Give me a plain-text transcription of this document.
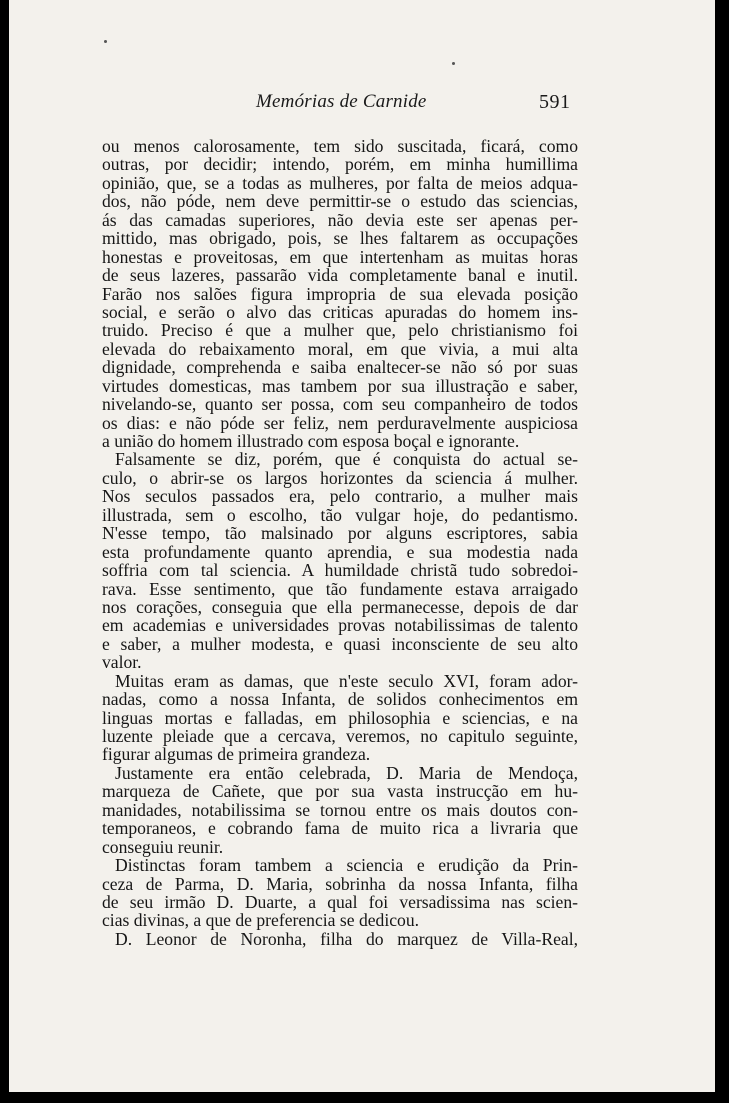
Memórias de Carnide	591
ou menos calorosamente, tem sido suscitada, ficará, como
outras, por decidir; intendo, porém, em minha humillima
opinião, que, se a todas as mulheres, por falta de meios adqua-
dos, não póde, nem deve permittir-se o estudo das sciencias,
ás das camadas superiores, não devia este ser apenas per-
mittido, mas obrigado, pois, se lhes faltarem as occupações
honestas e proveitosas, em que intertenham as muitas horas
de seus lazeres, passarão vida completamente banal e inutil.
Farão nos salões figura impropria de sua elevada posição
social, e serão o alvo das criticas apuradas do homem ins-
truido. Preciso é que a mulher que, pelo christianismo foi
elevada do rebaixamento moral, em que vivia, a mui alta
dignidade, comprehenda e saiba enaltecer-se não só por suas
virtudes domesticas, mas tambem por sua illustração e saber,
nivelando-se, quanto ser possa, com seu companheiro de todos
os dias: e não póde ser feliz, nem perduravelmente auspiciosa
a união do homem illustrado com esposa boçal e ignorante.
Falsamente se diz, porém, que é conquista do actual se-
culo, o abrir-se os largos horizontes da sciencia á mulher.
Nos seculos passados era, pelo contrario, a mulher mais
illustrada, sem o escolho, tão vulgar hoje, do pedantismo.
N'esse tempo, tão malsinado por alguns escriptores, sabia
esta profundamente quanto aprendia, e sua modestia nada
soffria com tal sciencia. A humildade christã tudo sobredoi-
rava. Esse sentimento, que tão fundamente estava arraigado
nos corações, conseguia que ella permanecesse, depois de dar
em academias e universidades provas notabilissimas de talento
e saber, a mulher modesta, e quasi inconsciente de seu alto
valor.
Muitas eram as damas, que n'este seculo XVI, foram ador-
nadas, como a nossa Infanta, de solidos conhecimentos em
linguas mortas e falladas, em philosophia e sciencias, e na
luzente pleiade que a cercava, veremos, no capitulo seguinte,
figurar algumas de primeira grandeza.
Justamente era então celebrada, D. Maria de Mendoça,
marqueza de Cañete, que por sua vasta instrucção em hu-
manidades, notabilissima se tornou entre os mais doutos con-
temporaneos, e cobrando fama de muito rica a livraria que
conseguiu reunir.
Distinctas foram tambem a sciencia e erudição da Prin-
ceza de Parma, D. Maria, sobrinha da nossa Infanta, filha
de seu irmão D. Duarte, a qual foi versadissima nas scien-
cias divinas, a que de preferencia se dedicou.
D. Leonor de Noronha, filha do marquez de Villa-Real,
